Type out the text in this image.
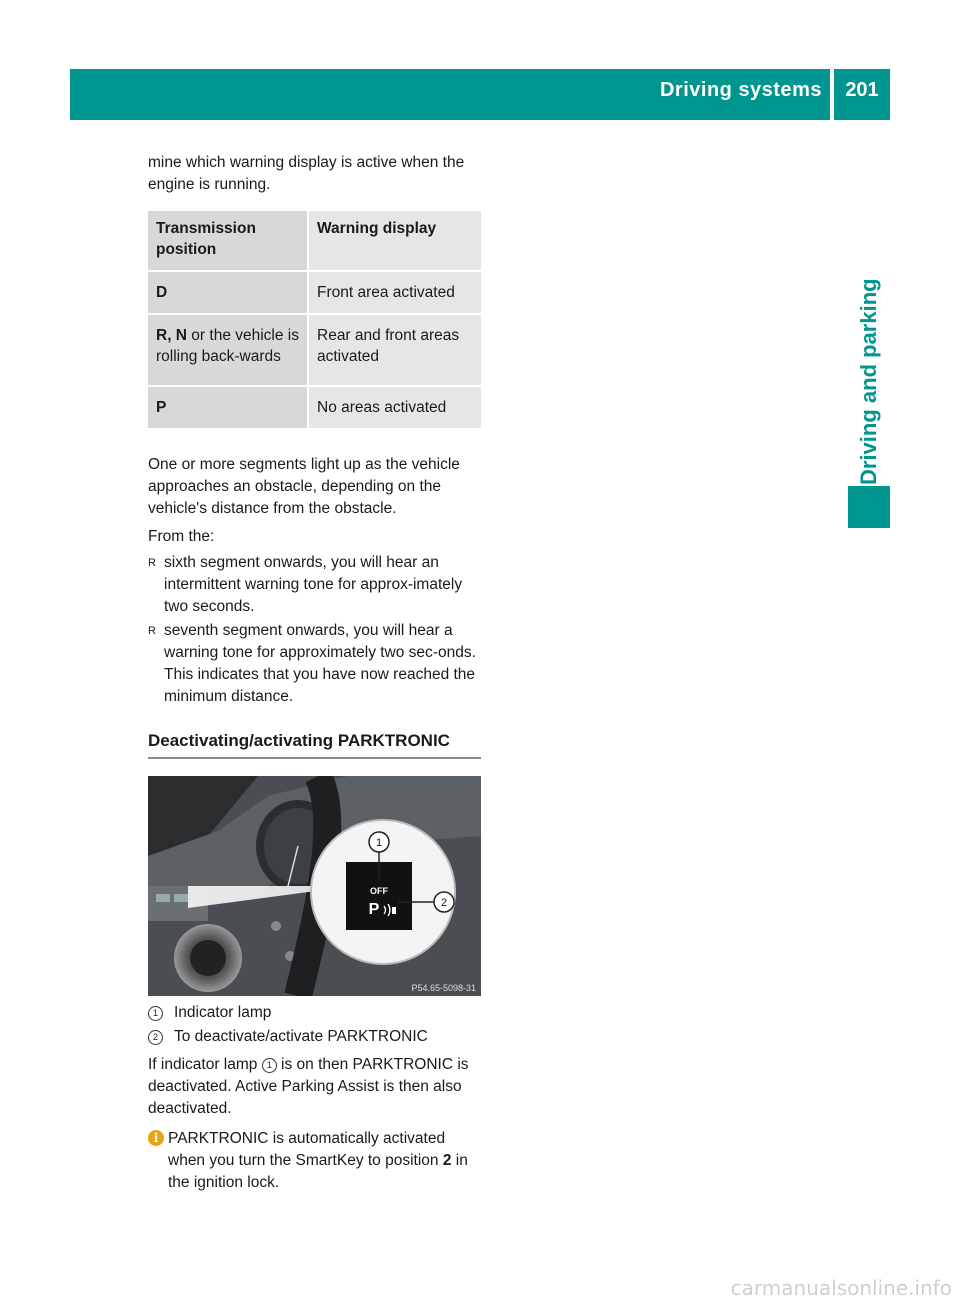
Driving systems	201
Driving and parking

mine which warning display is active when the engine is running.

Transmission position	Warning display
D	Front area activated
R, N or the vehicle is rolling back-wards	Rear and front areas activated
P	No areas activated

One or more segments light up as the vehicle approaches an obstacle, depending on the vehicle's distance from the obstacle.

From the:

R sixth segment onwards, you will hear an intermittent warning tone for approx-imately two seconds.
R seventh segment onwards, you will hear a warning tone for approximately two sec-onds. This indicates that you have now reached the minimum distance.
Deactivating/activating PARKTRONIC
1
2
OFF
P
P54.65-5098-31
1	Indicator lamp
2	To deactivate/activate PARKTRONIC

If indicator lamp 1 is on then PARKTRONIC is deactivated. Active Parking Assist is then also deactivated.

i PARKTRONIC is automatically activated when you turn the SmartKey to position 2 in the ignition lock.
carmanualsonline.info
